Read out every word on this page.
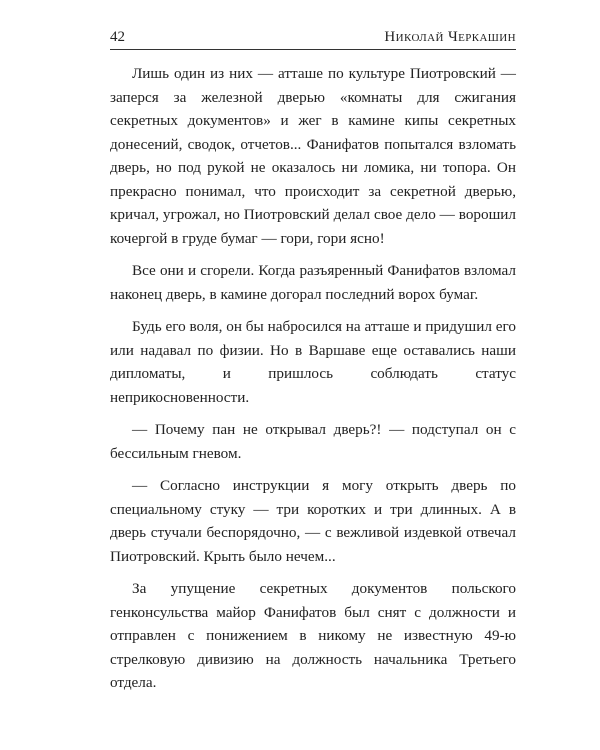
42	Николай Черкашин

Лишь один из них — атташе по культуре Пиотровский — заперся за железной дверью «комнаты для сжигания секретных документов» и жег в камине кипы секретных донесений, сводок, отчетов... Фанифатов попытался взломать дверь, но под рукой не оказалось ни ломика, ни топора. Он прекрасно понимал, что происходит за секретной дверью, кричал, угрожал, но Пиотровский делал свое дело — ворошил кочергой в груде бумаг — гори, гори ясно!

Все они и сгорели. Когда разъяренный Фанифатов взломал наконец дверь, в камине догорал последний ворох бумаг.

Будь его воля, он бы набросился на атташе и придушил его или надавал по физии. Но в Варшаве еще оставались наши дипломаты, и пришлось соблюдать статус неприкосновенности.

— Почему пан не открывал дверь?! — подступал он с бессильным гневом.

— Согласно инструкции я могу открыть дверь по специальному стуку — три коротких и три длинных. А в дверь стучали беспорядочно, — с вежливой издевкой отвечал Пиотровский. Крыть было нечем...

За упущение секретных документов польского генконсульства майор Фанифатов был снят с должности и отправлен с понижением в никому не известную 49-ю стрелковую дивизию на должность начальника Третьего отдела.
